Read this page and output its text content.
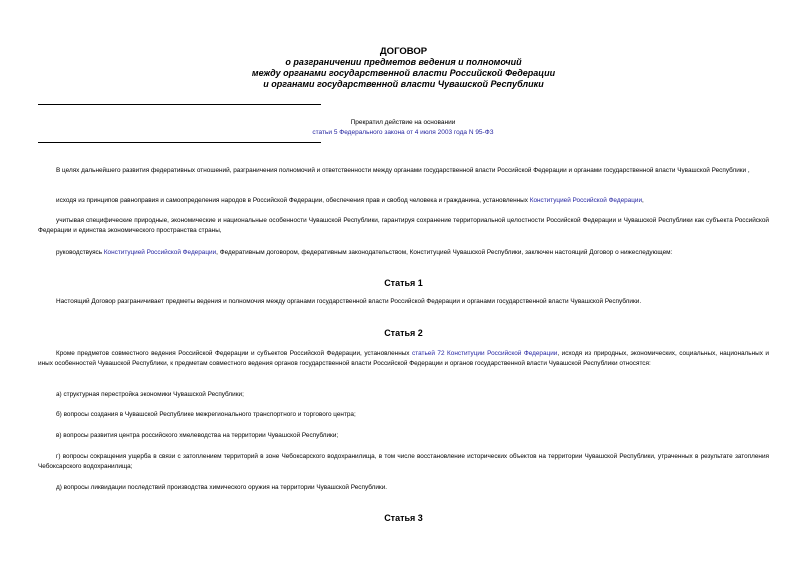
ДОГОВОР
о разграничении предметов ведения и полномочий
между органами государственной власти Российской Федерации
и органами государственной власти Чувашской Республики
Прекратил действие на основании
статьи 5 Федерального закона от 4 июля 2003 года N 95-ФЗ
В целях дальнейшего развития федеративных отношений, разграничения полномочий и ответственности между органами государственной власти Российской Федерации и органами государственной власти Чувашской Республики ,
исходя из принципов равноправия и самоопределения народов в Российской Федерации, обеспечения прав и свобод человека и гражданина, установленных Конституцией Российской Федерации,
учитывая специфические природные, экономические и национальные особенности Чувашской Республики, гарантируя сохранение территориальной целостности Российской Федерации и Чувашской Республики как субъекта Российской Федерации и единства экономического пространства страны,
руководствуясь Конституцией Российской Федерации, Федеративным договором, федеративным законодательством, Конституцией Чувашской Республики, заключен настоящий Договор о нижеследующем:
Статья 1
Настоящий Договор разграничивает предметы ведения и полномочия между органами государственной власти Российской Федерации и органами государственной власти Чувашской Республики.
Статья 2
Кроме предметов совместного ведения Российской Федерации и субъектов Российской Федерации, установленных статьей 72 Конституции Российской Федерации, исходя из природных, экономических, социальных, национальных и иных особенностей Чувашской Республики, к предметам совместного ведения органов государственной власти Российской Федерации и органов государственной власти Чувашской Республики относятся:
а) структурная перестройка экономики Чувашской Республики;
б) вопросы создания в Чувашской Республике межрегионального транспортного и торгового центра;
в) вопросы развития центра российского хмелеводства на территории Чувашской Республики;
г) вопросы сокращения ущерба в связи с затоплением территорий в зоне Чебоксарского водохранилища, в том числе восстановление исторических объектов на территории Чувашской Республики, утраченных в результате затопления Чебоксарского водохранилища;
д) вопросы ликвидации последствий производства химического оружия на территории Чувашской Республики.
Статья 3
